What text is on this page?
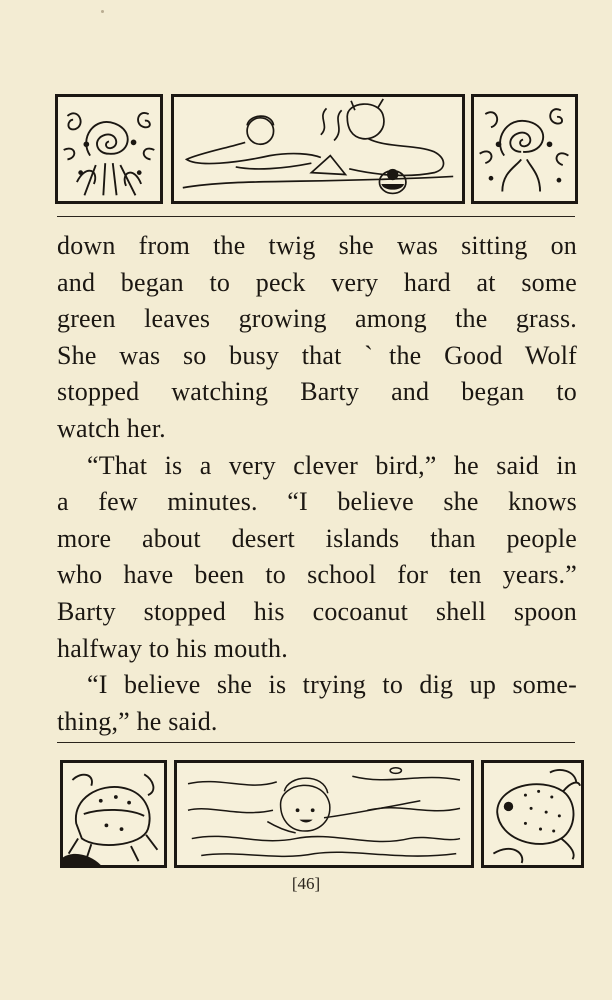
down from the twig she was sitting on
and began to peck very hard at some
green leaves growing among the grass.
She was so busy that ˋthe Good Wolf
stopped watching Barty and began to
watch her.
“That is a very clever bird,” he said in
a few minutes. “I believe she knows
more about desert islands than people
who have been to school for ten years.”
Barty stopped his cocoanut shell spoon
halfway to his mouth.
“I believe she is trying to dig up some-
thing,” he said.
[46]
